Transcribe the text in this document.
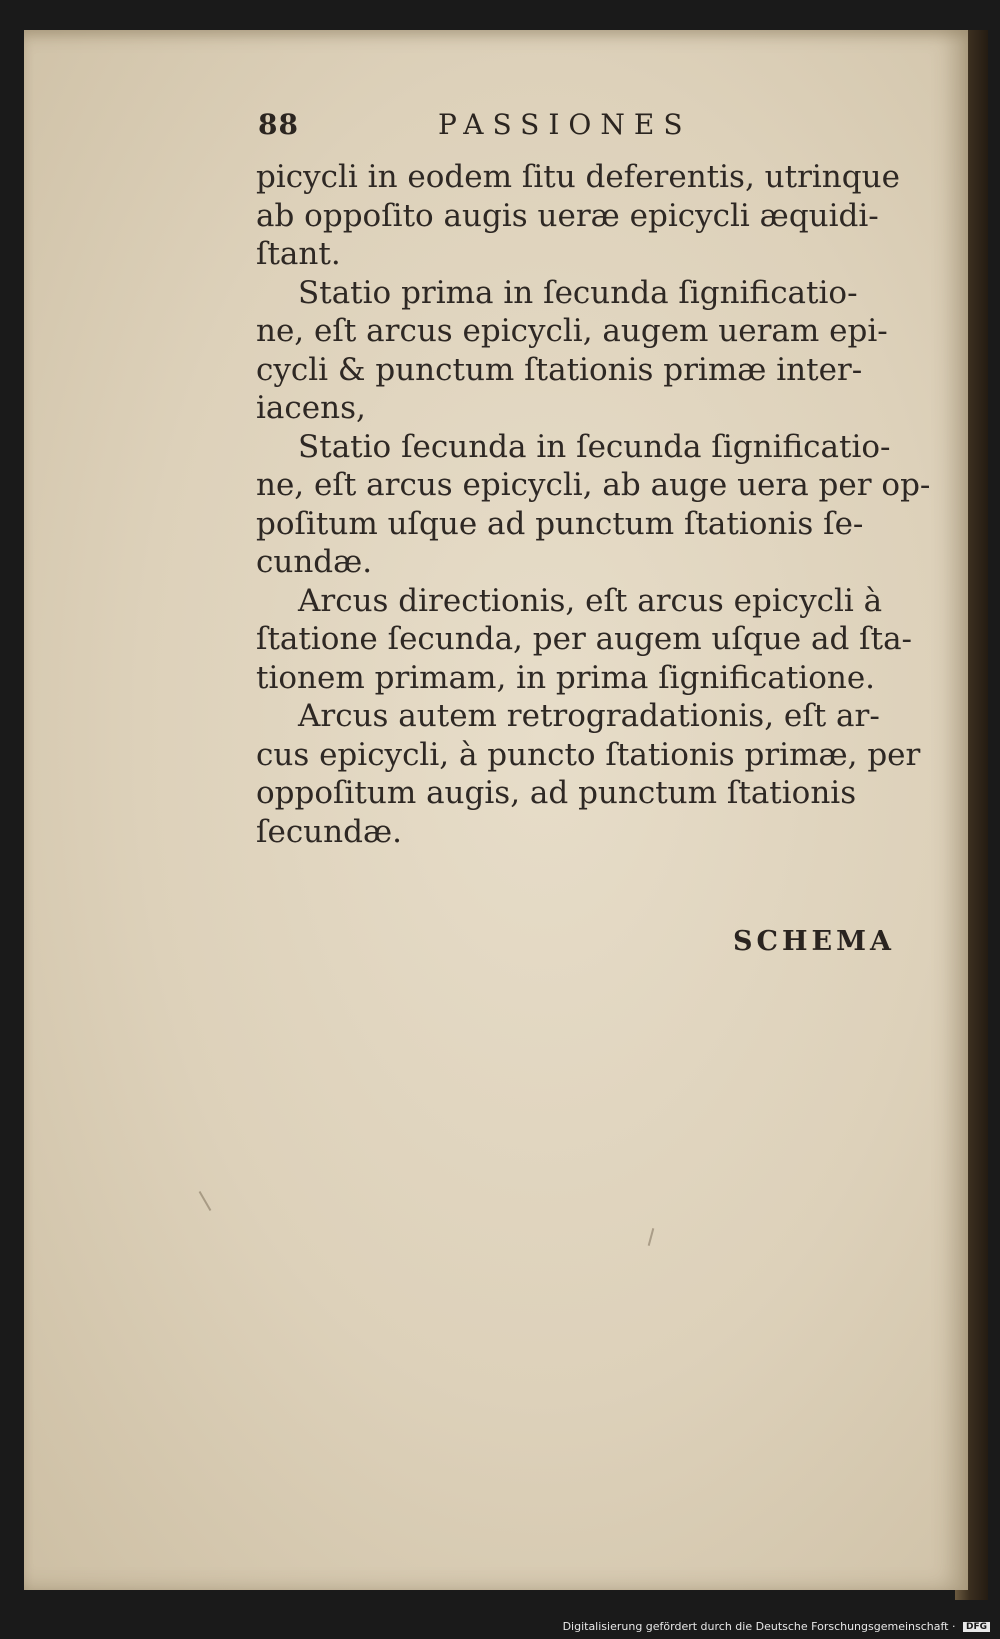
88	PASSIONES
picycli in eodem ſitu deferentis, utrinque
ab oppoſito augis ueræ epicycli æquidi-
ſtant.
Statio prima in ſecunda ſignificatio-
ne, eſt arcus epicycli, augem ueram epi-
cycli & punctum ſtationis primæ inter-
iacens,
Statio ſecunda in ſecunda ſignificatio-
ne, eſt arcus epicycli, ab auge uera per op-
poſitum uſque ad punctum ſtationis ſe-
cundæ.
Arcus directionis, eſt arcus epicycli à
ſtatione ſecunda, per augem uſque ad ſta-
tionem primam, in prima ſignificatione.
Arcus autem retrogradationis, eſt ar-
cus epicycli, à puncto ſtationis primæ, per
oppoſitum augis, ad punctum ſtationis
ſecundæ.
SCHEMA
Digitalisierung gefördert durch die Deutsche Forschungsgemeinschaft · DFG
